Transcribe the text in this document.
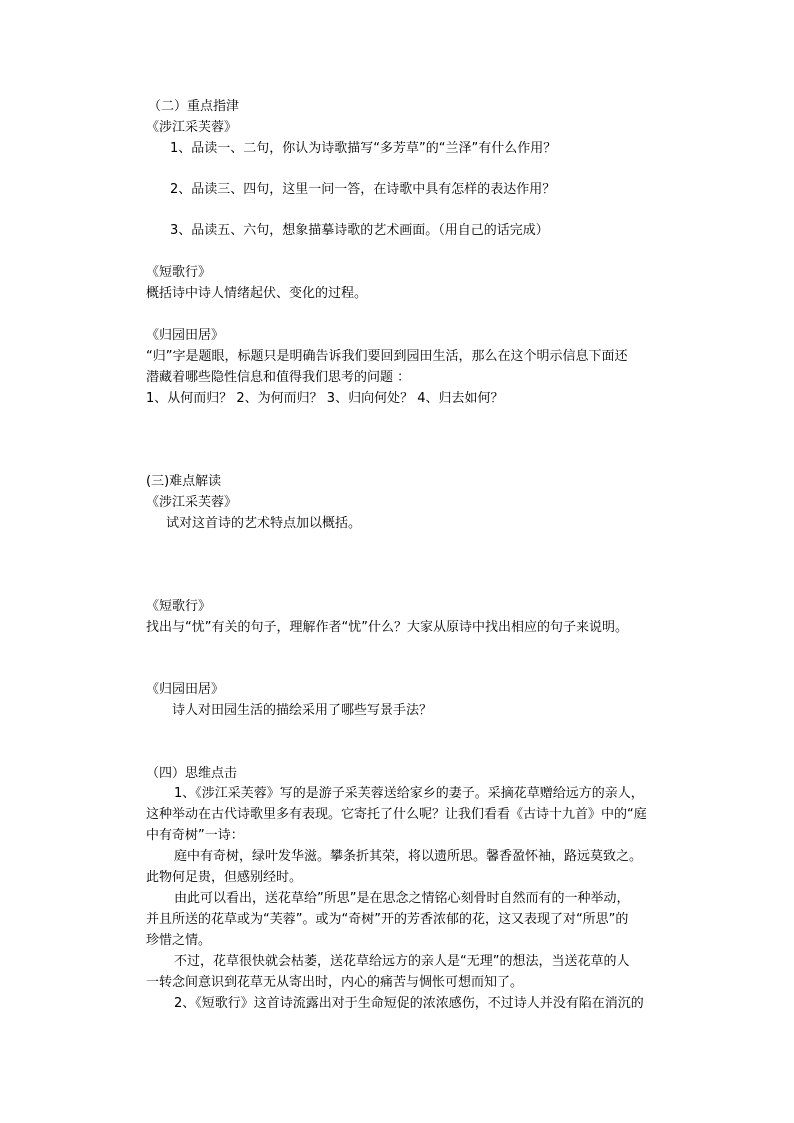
（二）重点指津
《涉江采芙蓉》
1、品读一、二句，你认为诗歌描写“多芳草”的“兰泽”有什么作用？
2、品读三、四句，这里一问一答，在诗歌中具有怎样的表达作用？
3、品读五、六句，想象描摹诗歌的艺术画面。（用自己的话完成）
《短歌行》
概括诗中诗人情绪起伏、变化的过程。
《归园田居》
“归”字是题眼，标题只是明确告诉我们要回到园田生活，那么在这个明示信息下面还
潜藏着哪些隐性信息和值得我们思考的问题 ：
1、从何而归？ 2、为何而归？ 3、归向何处？ 4、归去如何？
(三)难点解读
《涉江采芙蓉》
试对这首诗的艺术特点加以概括。
《短歌行》
找出与“忧”有关的句子，理解作者“忧”什么？大家从原诗中找出相应的句子来说明。
《归园田居》
诗人对田园生活的描绘采用了哪些写景手法？
（四）思维点击
1、《涉江采芙蓉》写的是游子采芙蓉送给家乡的妻子。采摘花草赠给远方的亲人，
这种举动在古代诗歌里多有表现。它寄托了什么呢？让我们看看《古诗十九首》中的“庭
中有奇树”一诗：
庭中有奇树，绿叶发华滋。攀条折其荣，将以遗所思。馨香盈怀袖，路远莫致之。
此物何足贵，但感别经时。
由此可以看出，送花草给”所思”是在思念之情铭心刻骨时自然而有的一种举动，
并且所送的花草或为“芙蓉”。或为“奇树”开的芳香浓郁的花，这又表现了对“所思”的
珍惜之情。
不过，花草很快就会枯萎，送花草给远方的亲人是“无理”的想法，当送花草的人
一转念间意识到花草无从寄出时，内心的痛苦与惆怅可想而知了。
2、《短歌行》这首诗流露出对于生命短促的浓浓感伤，不过诗人并没有陷在消沉的
